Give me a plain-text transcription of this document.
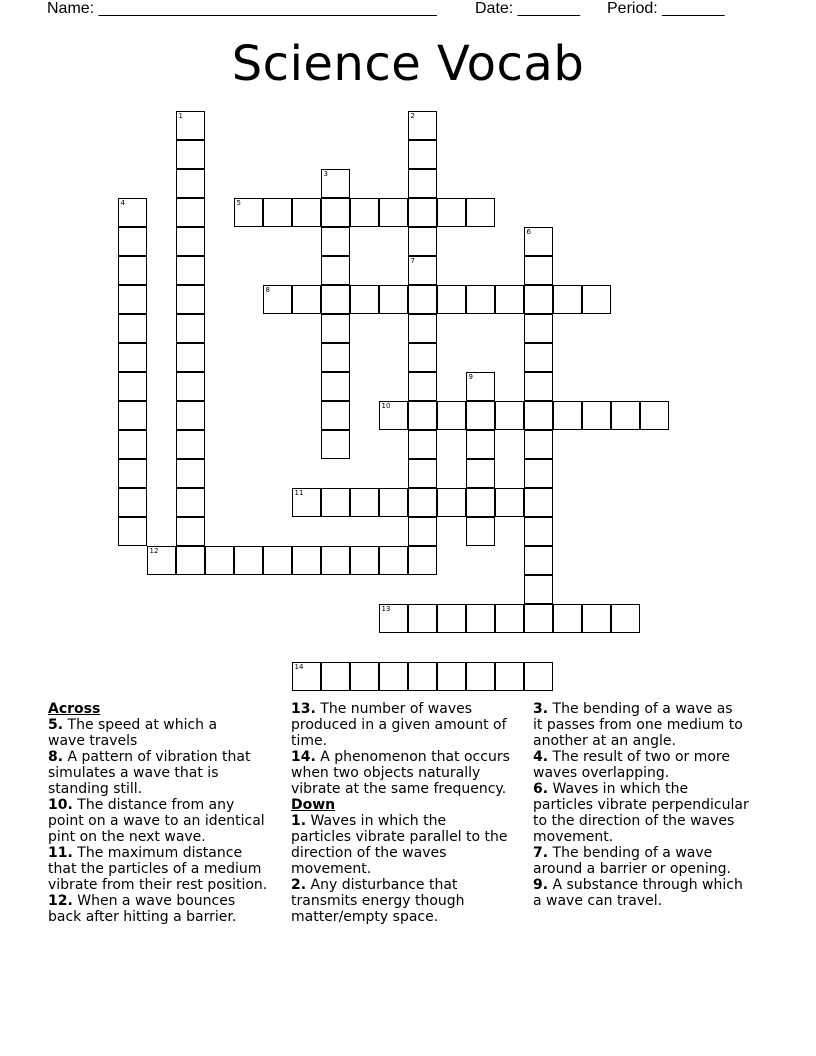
Name: ______________________________________ Date: _______ Period: _______
Science Vocab
1	2
7
3
4	5
6
8
9
10
11
12
13
14
Across
5. The speed at which a
wave travels
8. A pattern of vibration that
simulates a wave that is
standing still.
10. The distance from any
point on a wave to an identical
pint on the next wave.
11. The maximum distance
that the particles of a medium
vibrate from their rest position.
12. When a wave bounces
back after hitting a barrier.
13. The number of waves
produced in a given amount of
time.
14. A phenomenon that occurs
when two objects naturally
vibrate at the same frequency.
Down
1. Waves in which the
particles vibrate parallel to the
direction of the waves
movement.
2. Any disturbance that
transmits energy though
matter/empty space.
3. The bending of a wave as
it passes from one medium to
another at an angle.
4. The result of two or more
waves overlapping.
6. Waves in which the
particles vibrate perpendicular
to the direction of the waves
movement.
7. The bending of a wave
around a barrier or opening.
9. A substance through which
a wave can travel.
